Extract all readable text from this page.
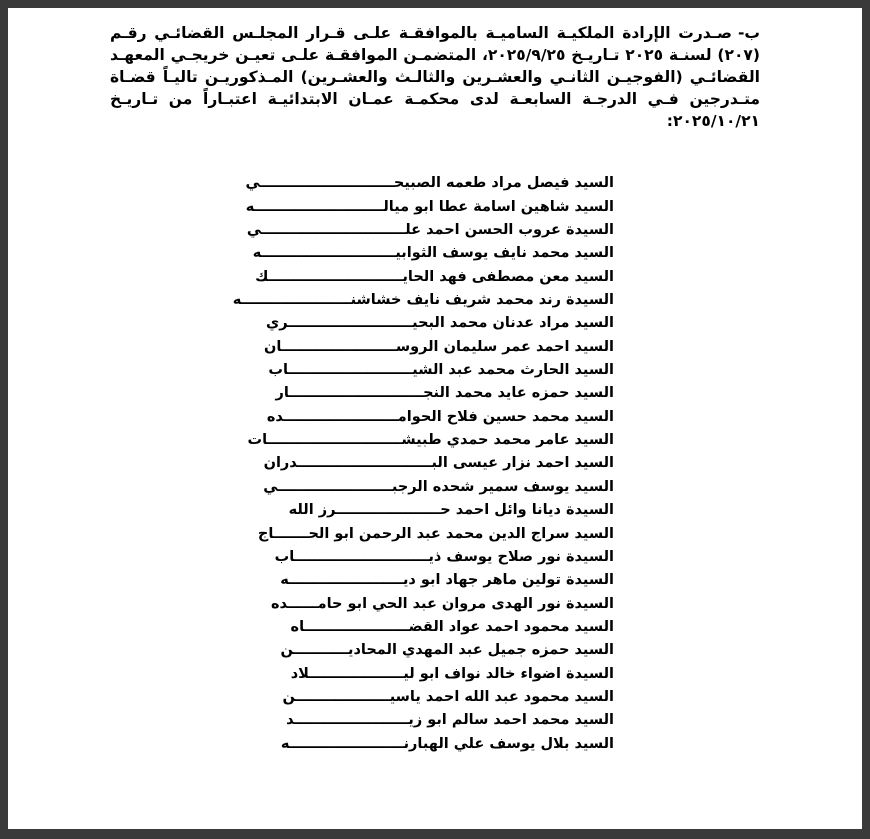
ب-صـدرت الإرادة الملكيـة الساميـة بالموافقـة علـى قـرار المجلـس القضائـي رقـم (٢٠٧) لسنـة ٢٠٢٥ تـاريـخ ٢٠٢٥/٩/٢٥، المتضمـن الموافقـة علـى تعيـن خريجـي المعهـد القضائـي (الفوجيـن الثانـي والعشـرين والثالـث والعشـرين) المـذكوريـن تاليـاً قضـاة متـدرجين فـي الدرجـة السابعـة لدى محكمـة عمـان الابتدائيـة اعتبـاراً من تـاريـخ ٢٠٢٥/١٠/٢١:

السيد فيصل مراد طعمه الصبيحـــــــــــــــــــــــــــي
السيد شاهين اسامة عطا ابو ميالــــــــــــــــــــــــــه
السيدة عروب الحسن احمد علـــــــــــــــــــــــــــــي
السيد محمد نايف يوسف الثوابيـــــــــــــــــــــــــــه
السيد معن مصطفى فهد الحايـــــــــــــــــــــــــــك
السيدة رند محمد شريف نايف خشاشنــــــــــــــــــــــه
السيد مراد عدنان محمد البحيـــــــــــــــــــــــــري
السيد احمد عمر سليمان الروســـــــــــــــــــــــان
السيد الحارث محمد عبد الشيـــــــــــــــــــــــــاب
السيد حمزه عايد محمد النجـــــــــــــــــــــــــــار
السيد محمد حسين فلاح الحوامـــــــــــــــــــــــده
السيد عامر محمد حمدي طبيشـــــــــــــــــــــــــــات
السيد احمد نزار عيسى البـــــــــــــــــــــــــــدران
السيد يوسف سمير شحده الرجبـــــــــــــــــــــــي
السيدة ديانا وائل احمد حـــــــــــــــــــــرز الله
السيد سراج الدين محمد عبد الرحمن ابو الحـــــــاج
السيدة نور صلاح يوسف ذيـــــــــــــــــــــــــــاب
السيدة تولين ماهر جهاد ابو ديـــــــــــــــــــــــه
السيدة نور الهدى مروان عبد الحي ابو حامــــــده
السيد محمود احمد عواد القضـــــــــــــــــــــاه
السيد حمزه جميل عبد المهدي المحاديـــــــــــن
السيدة اضواء خالد نواف ابو ليـــــــــــــــــــلاد
السيد محمود عبد الله احمد ياسيـــــــــــــــــــن
السيد محمد احمد سالم ابو زيـــــــــــــــــــــــد
السيد بلال يوسف علي الهبارنـــــــــــــــــــــــه
